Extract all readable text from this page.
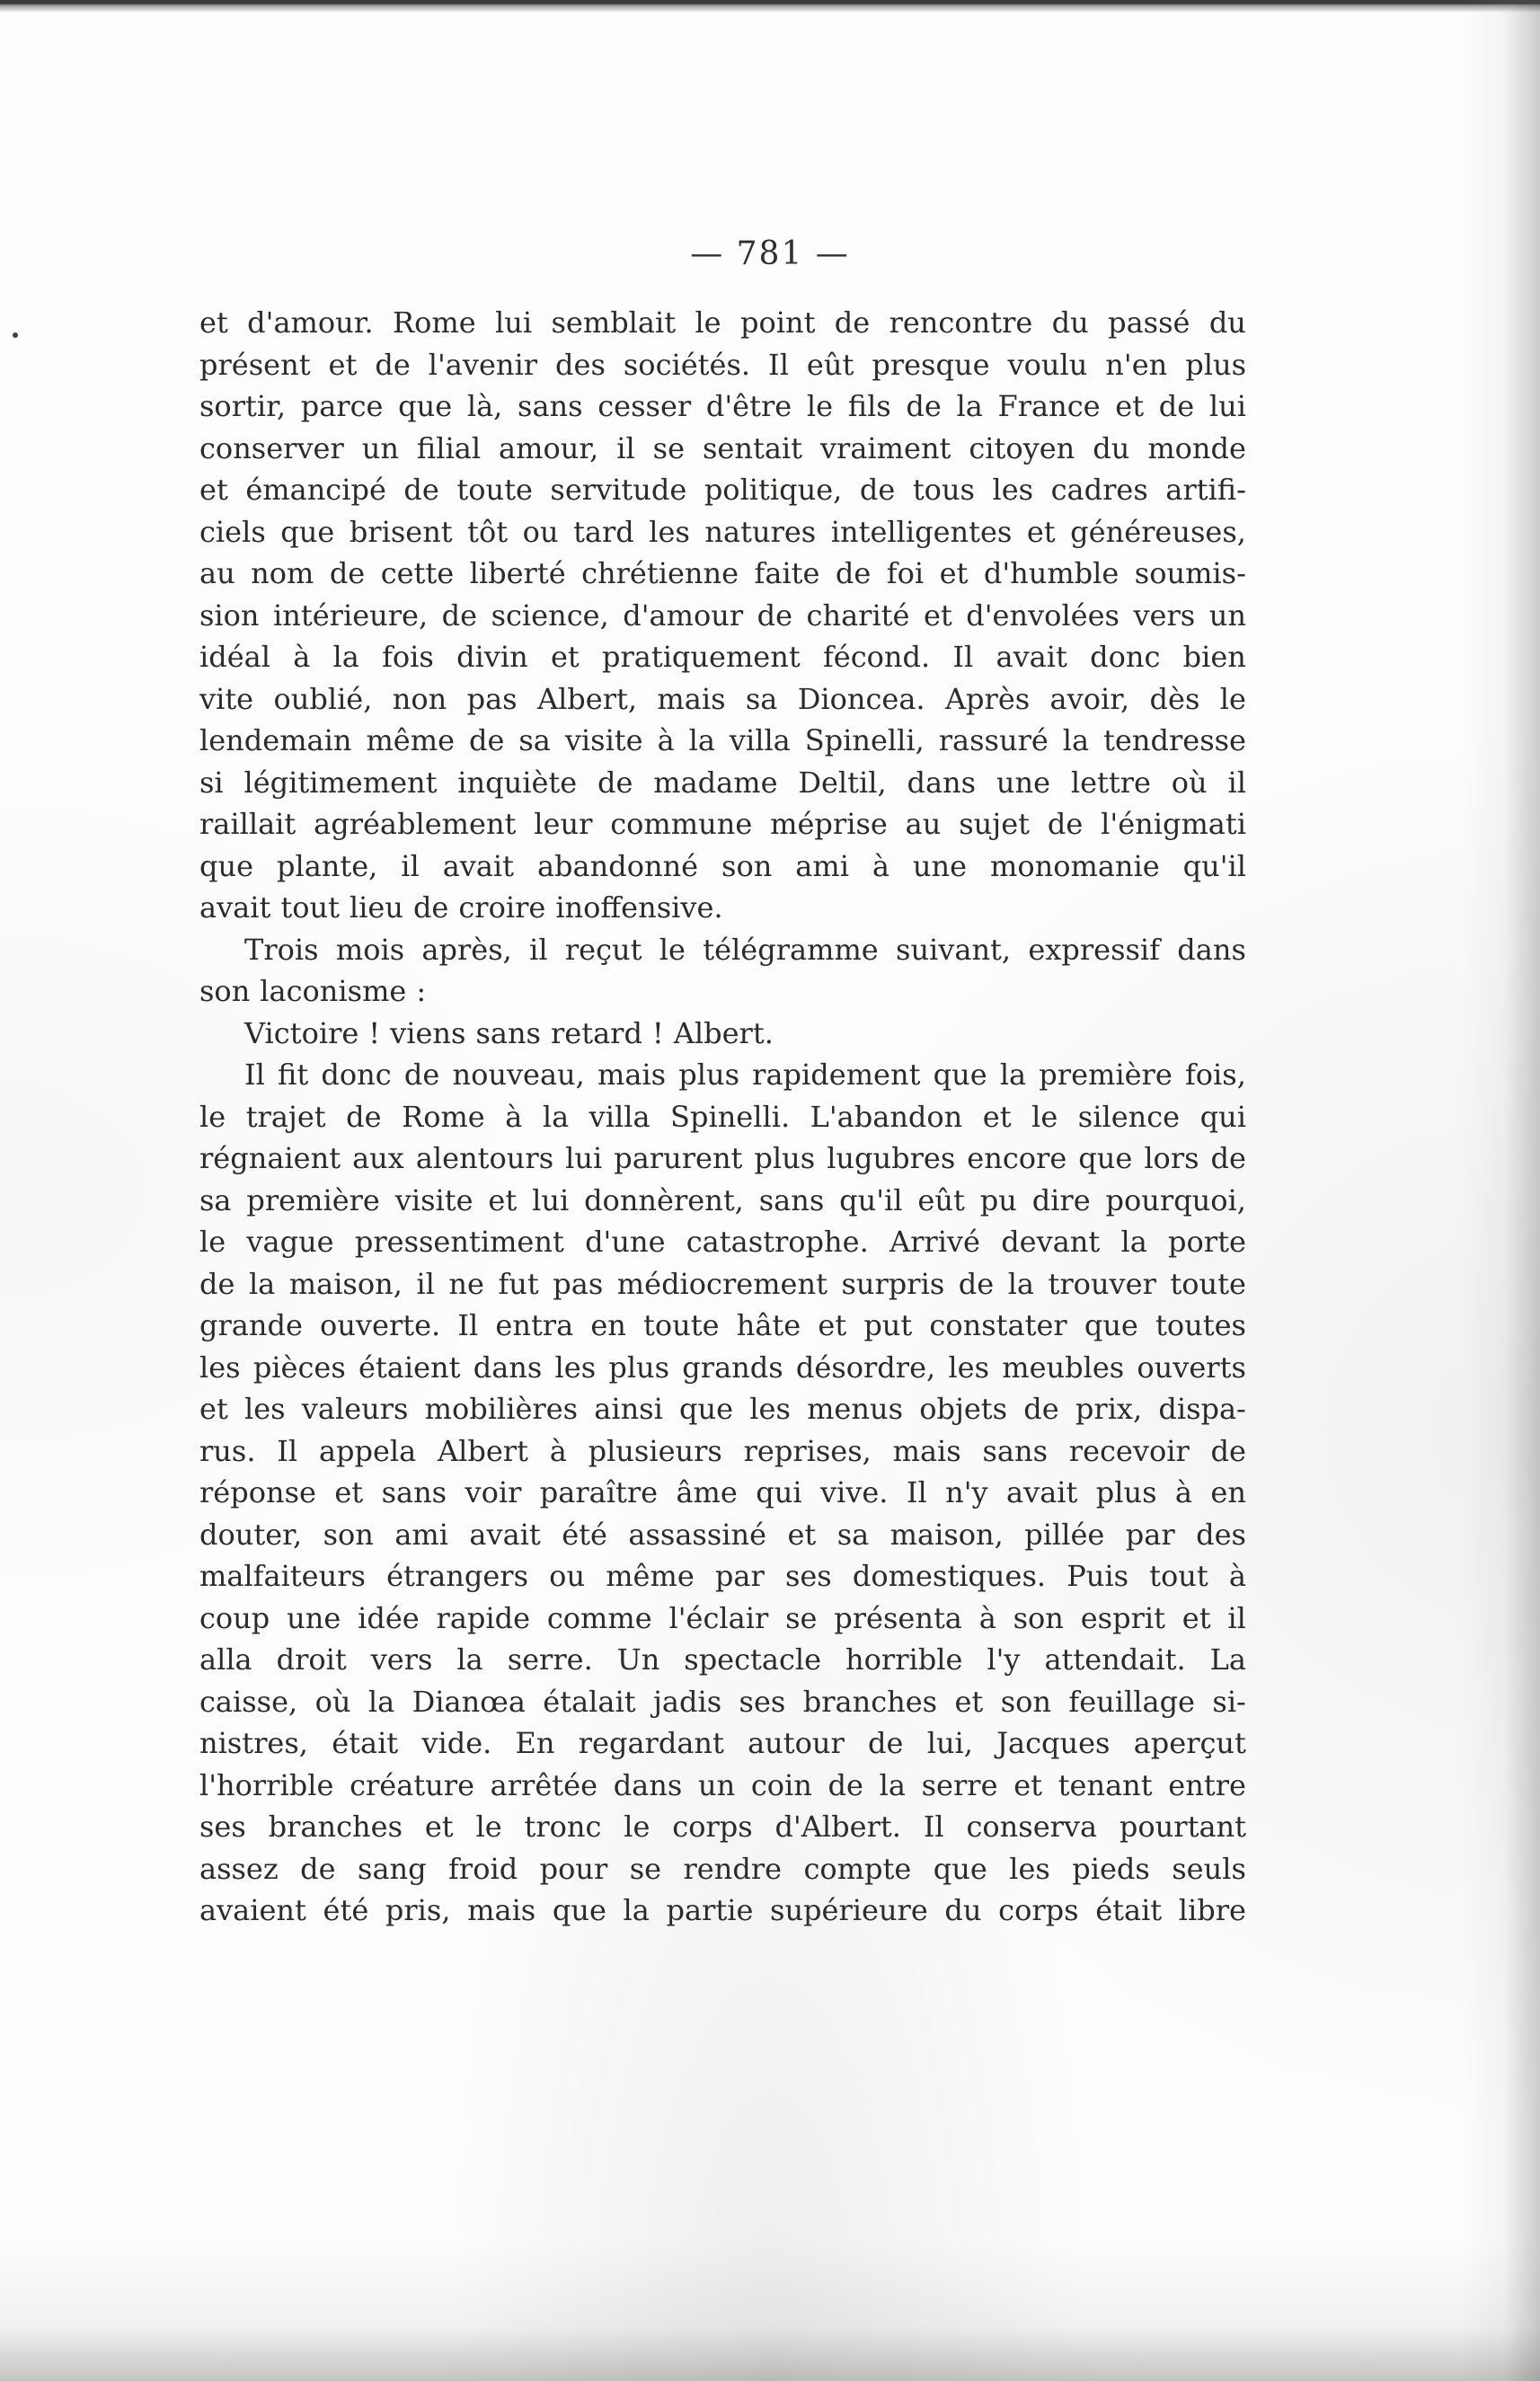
— 781 —
et d'amour. Rome lui semblait le point de rencontre du passé du
présent et de l'avenir des sociétés. Il eût presque voulu n'en plus
sortir, parce que là, sans cesser d'être le fils de la France et de lui
conserver un filial amour, il se sentait vraiment citoyen du monde
et émancipé de toute servitude politique, de tous les cadres artifi-
ciels que brisent tôt ou tard les natures intelligentes et généreuses,
au nom de cette liberté chrétienne faite de foi et d'humble soumis-
sion intérieure, de science, d'amour de charité et d'envolées vers un
idéal à la fois divin et pratiquement fécond. Il avait donc bien
vite oublié, non pas Albert, mais sa Dioncea. Après avoir, dès le
lendemain même de sa visite à la villa Spinelli, rassuré la tendresse
si légitimement inquiète de madame Deltil, dans une lettre où il
raillait agréablement leur commune méprise au sujet de l'énigmati
que plante, il avait abandonné son ami à une monomanie qu'il
avait tout lieu de croire inoffensive.
Trois mois après, il reçut le télégramme suivant, expressif dans
son laconisme :
Victoire ! viens sans retard ! Albert.
Il fit donc de nouveau, mais plus rapidement que la première fois,
le trajet de Rome à la villa Spinelli. L'abandon et le silence qui
régnaient aux alentours lui parurent plus lugubres encore que lors de
sa première visite et lui donnèrent, sans qu'il eût pu dire pourquoi,
le vague pressentiment d'une catastrophe. Arrivé devant la porte
de la maison, il ne fut pas médiocrement surpris de la trouver toute
grande ouverte. Il entra en toute hâte et put constater que toutes
les pièces étaient dans les plus grands désordre, les meubles ouverts
et les valeurs mobilières ainsi que les menus objets de prix, dispa-
rus. Il appela Albert à plusieurs reprises, mais sans recevoir de
réponse et sans voir paraître âme qui vive. Il n'y avait plus à en
douter, son ami avait été assassiné et sa maison, pillée par des
malfaiteurs étrangers ou même par ses domestiques. Puis tout à
coup une idée rapide comme l'éclair se présenta à son esprit et il
alla droit vers la serre. Un spectacle horrible l'y attendait. La
caisse, où la Dianœa étalait jadis ses branches et son feuillage si-
nistres, était vide. En regardant autour de lui, Jacques aperçut
l'horrible créature arrêtée dans un coin de la serre et tenant entre
ses branches et le tronc le corps d'Albert. Il conserva pourtant
assez de sang froid pour se rendre compte que les pieds seuls
avaient été pris, mais que la partie supérieure du corps était libre
